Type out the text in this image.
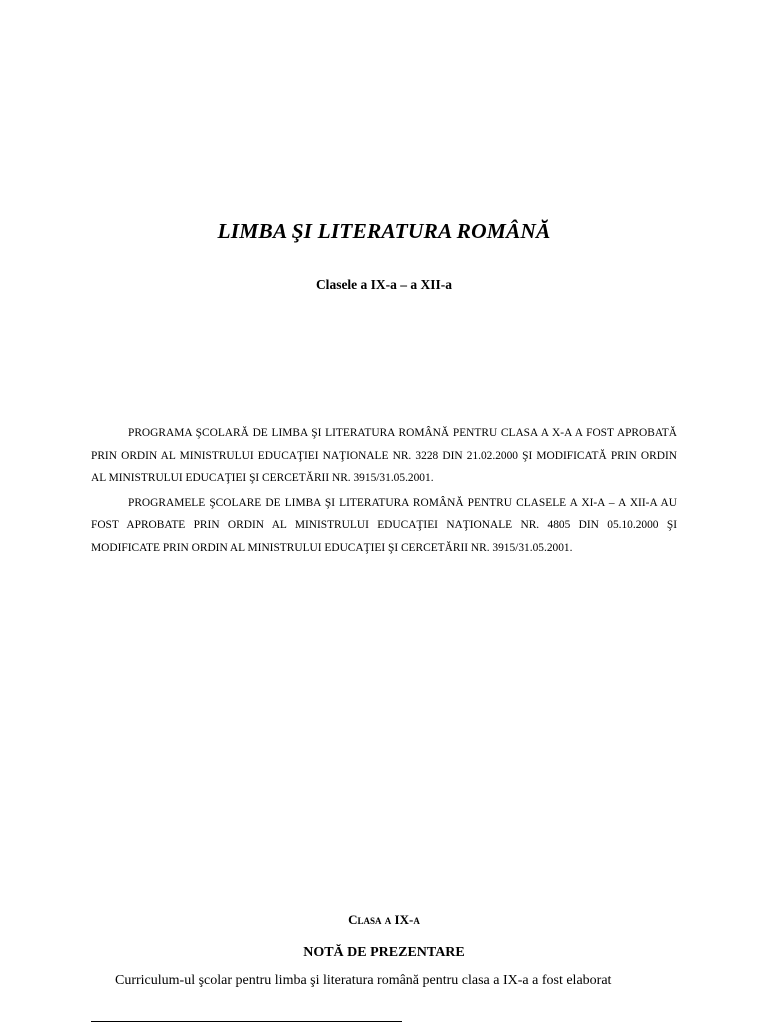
LIMBA ŞI LITERATURA ROMÂNĂ
Clasele a IX-a – a XII-a

PROGRAMA ŞCOLARĂ DE LIMBA ŞI LITERATURA ROMÂNĂ PENTRU CLASA A X-A A FOST APROBATĂ PRIN ORDIN AL MINISTRULUI EDUCAŢIEI NAŢIONALE NR. 3228 DIN 21.02.2000 ŞI MODIFICATĂ PRIN ORDIN AL MINISTRULUI EDUCAŢIEI ŞI CERCETĂRII NR. 3915/31.05.2001.

PROGRAMELE ŞCOLARE DE LIMBA ŞI LITERATURA ROMÂNĂ PENTRU CLASELE A XI-A – A XII-A AU FOST APROBATE PRIN ORDIN AL MINISTRULUI EDUCAŢIEI NAŢIONALE NR. 4805 DIN 05.10.2000 ŞI MODIFICATE PRIN ORDIN AL MINISTRULUI EDUCAŢIEI ŞI CERCETĂRII NR. 3915/31.05.2001.

Clasa a IX-a
NOTĂ DE PREZENTARE
Curriculum-ul şcolar pentru limba şi literatura română pentru clasa a IX-a a fost elaborat
